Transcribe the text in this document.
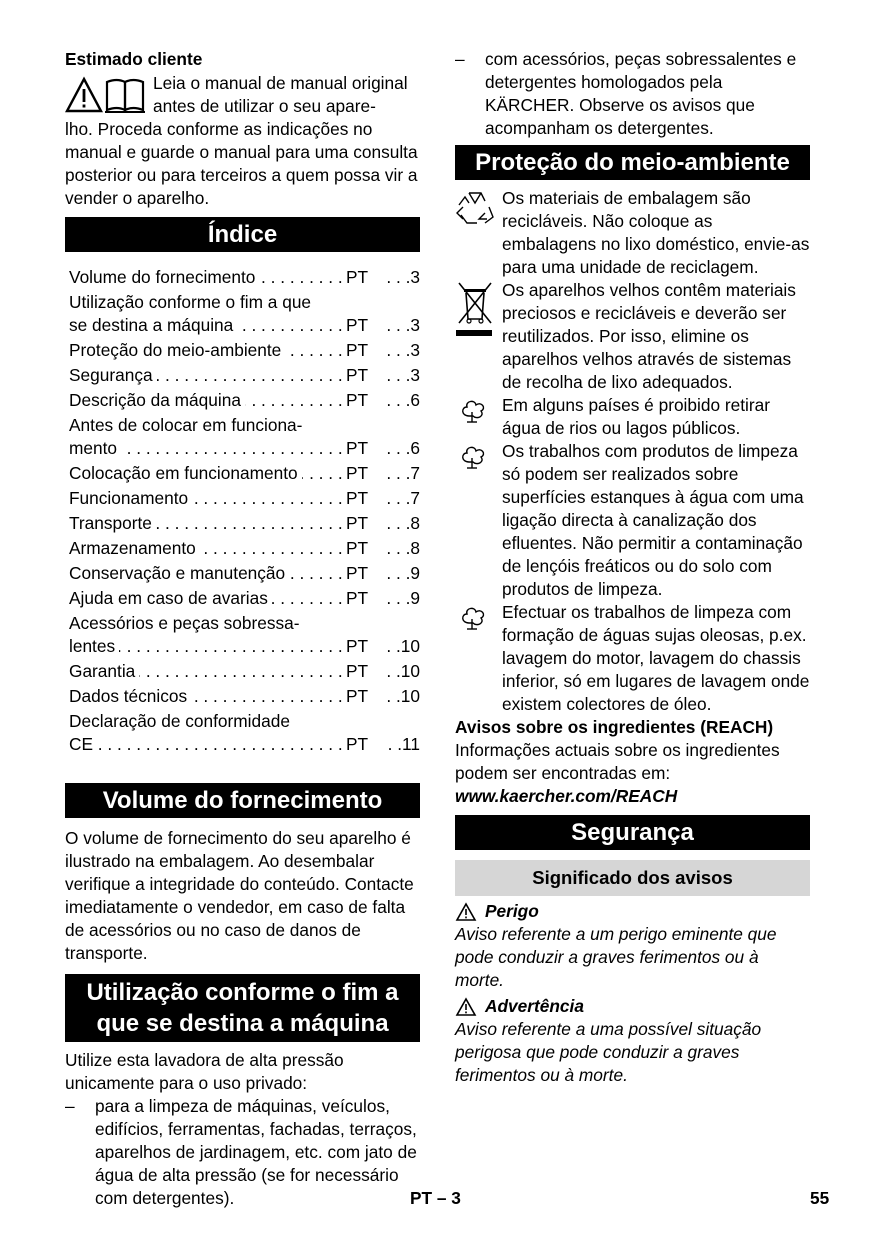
Estimado cliente

Leia o manual de manual original antes de utilizar o seu apare-

lho. Proceda conforme as indicações no manual e guarde o manual para uma consulta posterior ou para terceiros a quem possa vir a vender o aparelho.

Índice
Volume do fornecimento . . .	PT	. . .3
Utilização conforme o fim a que
se destina a máquina . . .	PT	. . .3
Proteção do meio-ambiente . . .	PT	. . .3
Segurança . . .	PT	. . .3
Descrição da máquina . . .	PT	. . .6
Antes de colocar em funciona-
mento . . .	PT	. . .6
Colocação em funcionamento . . .	PT	. . .7
Funcionamento . . .	PT	. . .7
Transporte . . .	PT	. . .8
Armazenamento . . .	PT	. . .8
Conservação e manutenção . . .	PT	. . .9
Ajuda em caso de avarias . . .	PT	. . .9
Acessórios e peças sobressa-
lentes . . .	PT	. .10
Garantia . . .	PT	. .10
Dados técnicos . . .	PT	. .10
Declaração de conformidade
CE . . .	PT	. .11
Volume do fornecimento

O volume de fornecimento do seu aparelho é ilustrado na embalagem. Ao desembalar verifique a integridade do conteúdo. Contacte imediatamente o vendedor, em caso de falta de acessórios ou no caso de danos de transporte.

Utilização conforme o fim a que se destina a máquina

Utilize esta lavadora de alta pressão unicamente para o uso privado:

–	para a limpeza de máquinas, veículos, edifícios, ferramentas, fachadas, terraços, aparelhos de jardinagem, etc. com jato de água de alta pressão (se for necessário com detergentes).

–	com acessórios, peças sobressalentes e detergentes homologados pela KÄRCHER. Observe os avisos que acompanham os detergentes.

Proteção do meio-ambiente

Os materiais de embalagem são recicláveis. Não coloque as embalagens no lixo doméstico, envie-as para uma unidade de reciclagem.

Os aparelhos velhos contêm materiais preciosos e recicláveis e deverão ser reutilizados. Por isso, elimine os aparelhos velhos através de sistemas de recolha de lixo adequados.

Em alguns países é proibido retirar água de rios ou lagos públicos.

Os trabalhos com produtos de limpeza só podem ser realizados sobre superfícies estanques à água com uma ligação directa à canalização dos efluentes. Não permitir a contaminação de lençóis freáticos ou do solo com produtos de limpeza.

Efectuar os trabalhos de limpeza com formação de águas sujas oleosas, p.ex. lavagem do motor, lavagem do chassis inferior, só em lugares de lavagem onde existem colectores de óleo.

Avisos sobre os ingredientes (REACH)

Informações actuais sobre os ingredientes podem ser encontradas em:

www.kaercher.com/REACH

Segurança
Significado dos avisos

Perigo

Aviso referente a um perigo eminente que pode conduzir a graves ferimentos ou à morte.

Advertência

Aviso referente a uma possível situação perigosa que pode conduzir a graves ferimentos ou à morte.

PT – 3	55
